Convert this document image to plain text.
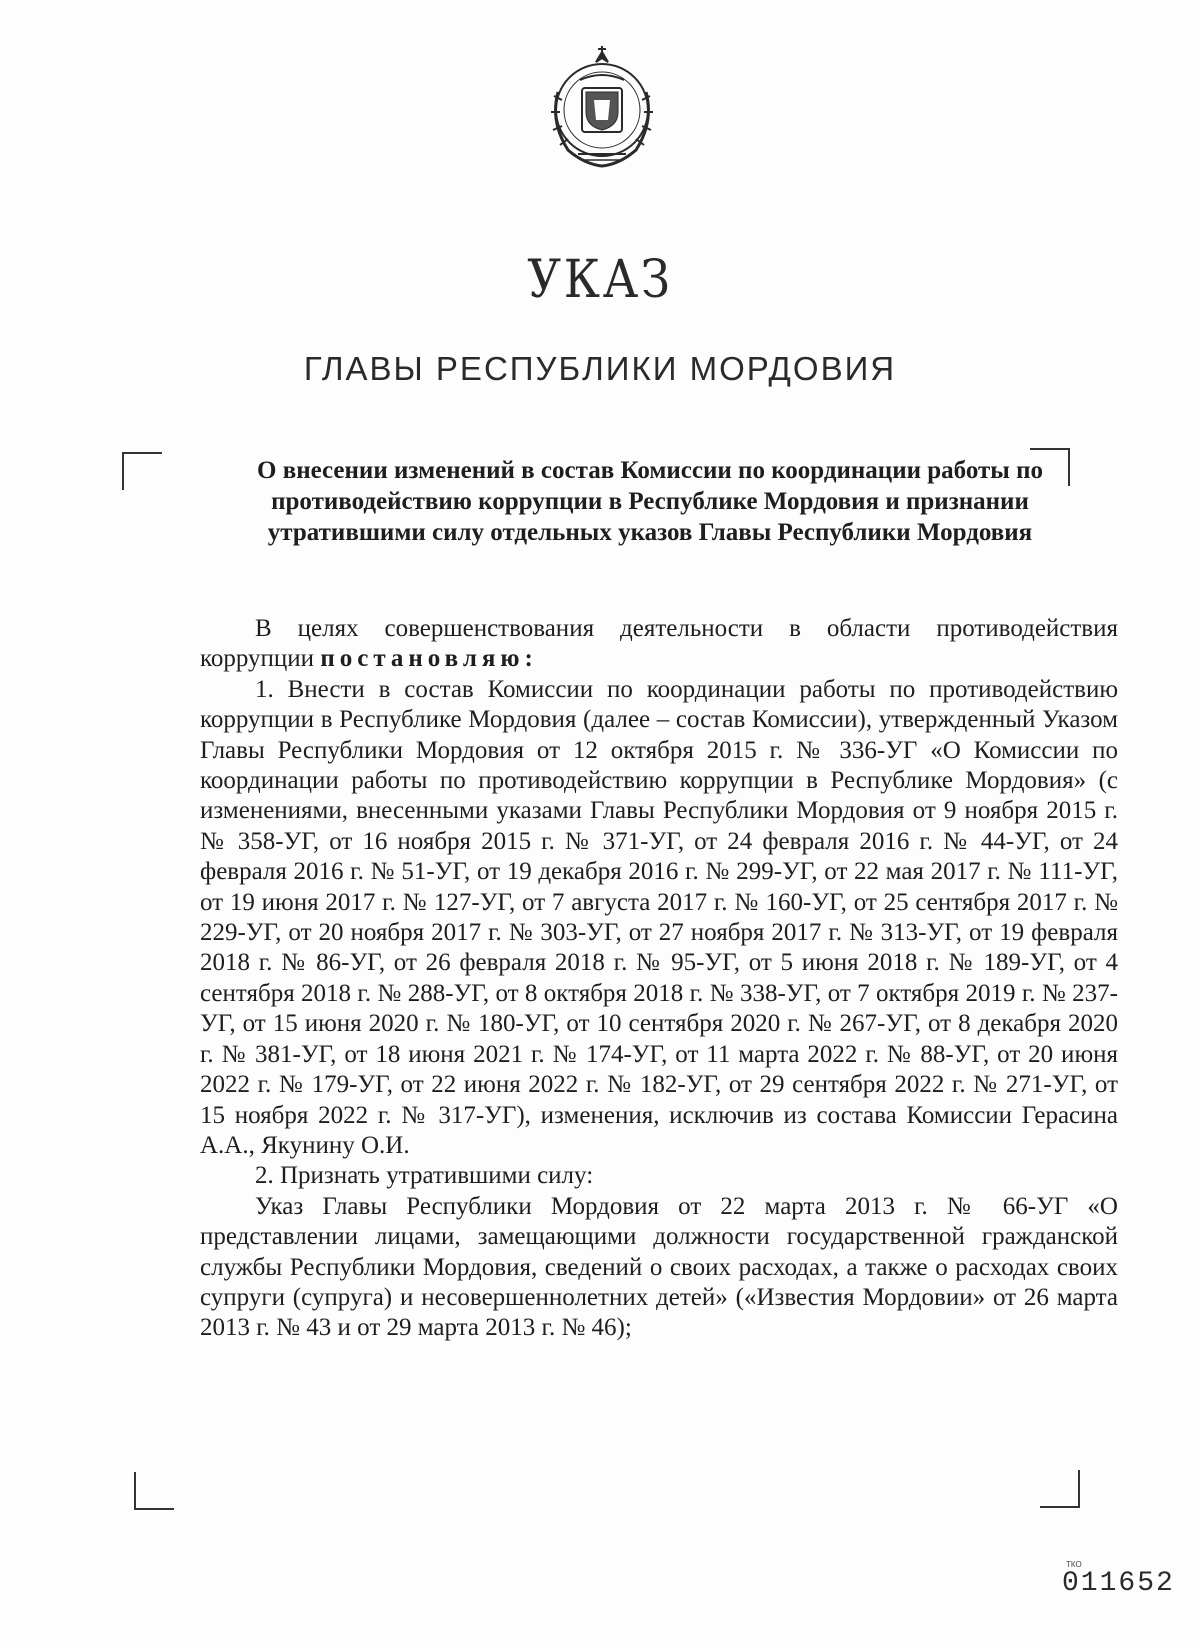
УКАЗ
ГЛАВЫ РЕСПУБЛИКИ МОРДОВИЯ
О внесении изменений в состав Комиссии по координации работы по противодействию коррупции в Республике Мордовия и признании утратившими силу отдельных указов Главы Республики Мордовия

В целях совершенствования деятельности в области противодействия коррупции постановляю:

1. Внести в состав Комиссии по координации работы по противодействию коррупции в Республике Мордовия (далее – состав Комиссии), утвержденный Указом Главы Республики Мордовия от 12 октября 2015 г. № 336-УГ «О Комиссии по координации работы по противодействию коррупции в Республике Мордовия» (с изменениями, внесенными указами Главы Республики Мордовия от 9 ноября 2015 г. № 358-УГ, от 16 ноября 2015 г. № 371-УГ, от 24 февраля 2016 г. № 44-УГ, от 24 февраля 2016 г. № 51-УГ, от 19 декабря 2016 г. № 299-УГ, от 22 мая 2017 г. № 111-УГ, от 19 июня 2017 г. № 127-УГ, от 7 августа 2017 г. № 160-УГ, от 25 сентября 2017 г. № 229-УГ, от 20 ноября 2017 г. № 303-УГ, от 27 ноября 2017 г. № 313-УГ, от 19 февраля 2018 г. № 86-УГ, от 26 февраля 2018 г. № 95-УГ, от 5 июня 2018 г. № 189-УГ, от 4 сентября 2018 г. № 288-УГ, от 8 октября 2018 г. № 338-УГ, от 7 октября 2019 г. № 237-УГ, от 15 июня 2020 г. № 180-УГ, от 10 сентября 2020 г. № 267-УГ, от 8 декабря 2020 г. № 381-УГ, от 18 июня 2021 г. № 174-УГ, от 11 марта 2022 г. № 88-УГ, от 20 июня 2022 г. № 179-УГ, от 22 июня 2022 г. № 182-УГ, от 29 сентября 2022 г. № 271-УГ, от 15 ноября 2022 г. № 317-УГ), изменения, исключив из состава Комиссии Герасина А.А., Якунину О.И.

2. Признать утратившими силу:

Указ Главы Республики Мордовия от 22 марта 2013 г. № 66-УГ «О представлении лицами, замещающими должности государственной гражданской службы Республики Мордовия, сведений о своих расходах, а также о расходах своих супруги (супруга) и несовершеннолетних детей» («Известия Мордовии» от 26 марта 2013 г. № 43 и от 29 марта 2013 г. № 46);

ТКО
011652
